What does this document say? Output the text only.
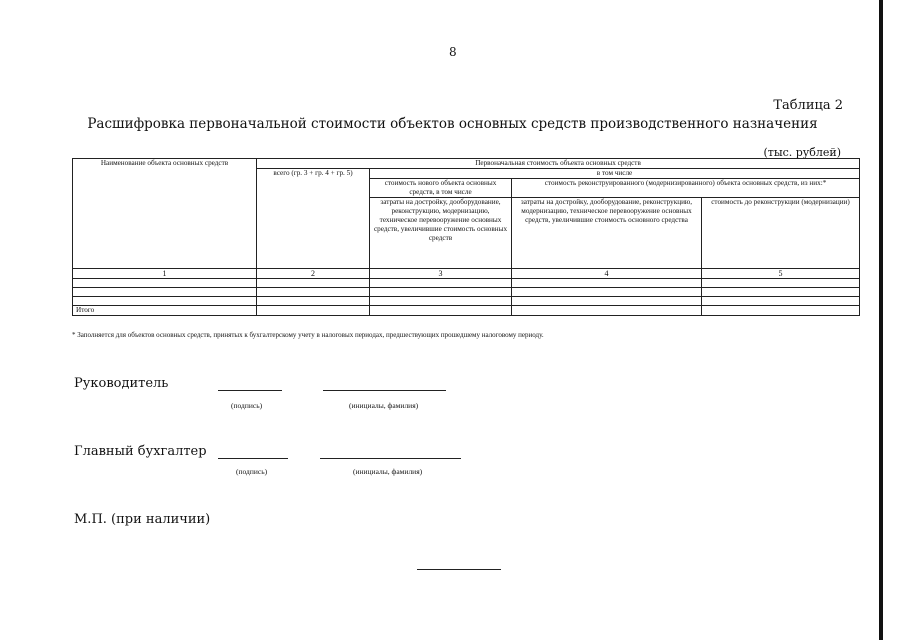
8
Таблица 2
Расшифровка первоначальной стоимости объектов основных средств производственного назначения
(тыс. рублей)
Наименование объекта основных средств	Первоначальная стоимость объекта основных средств			
	всего (гр. 3 + гр. 4 + гр. 5)	в том числе		
		стоимость нового объекта основных средств, в том числе	стоимость реконструированного (модернизированного) объекта основных средств, из них:*	
		затраты на достройку, дооборудование, реконструкцию, модернизацию, техническое перевооружение основных средств, увеличившие стоимость основных средств	затраты на достройку, дооборудование, реконструкцию, модернизацию, техническое перевооружение основных средств, увеличившие стоимость основного средства	стоимость до реконструкции (модернизации)
1	2	3	4	5

Итого				
* Заполняется для объектов основных средств, принятых к бухгалтерскому учету в налоговых периодах, предшествующих прошедшему налоговому периоду.
Руководитель
(подпись)	(инициалы, фамилия)
Главный бухгалтер
(подпись)	(инициалы, фамилия)
М.П. (при наличии)
